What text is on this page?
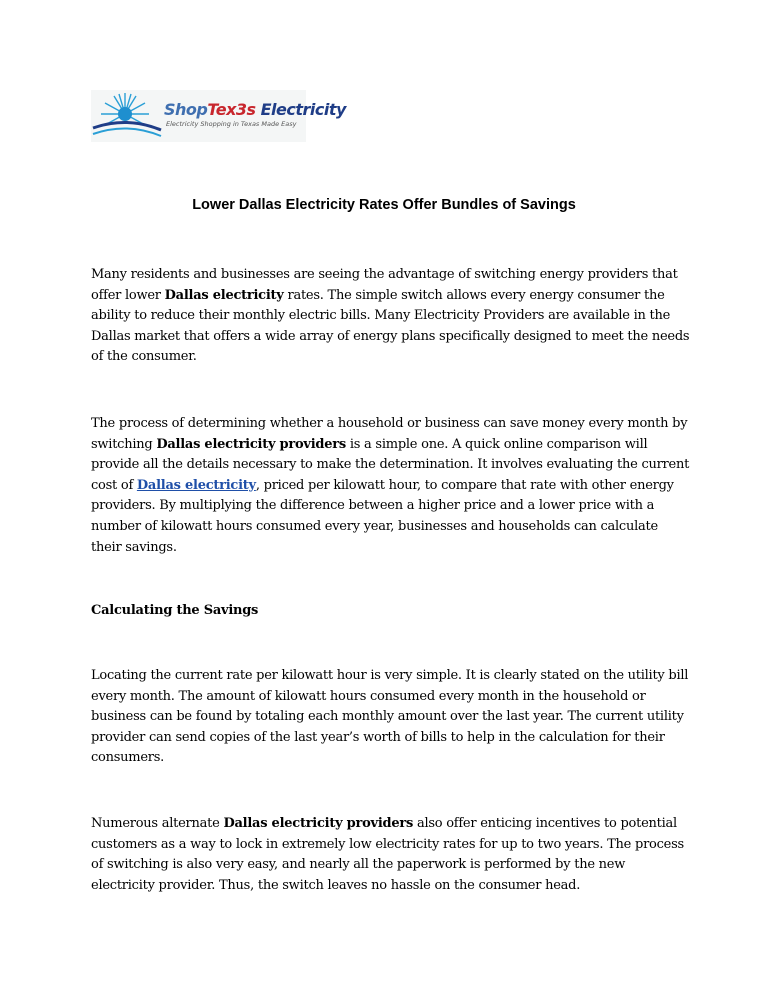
ShopTex3s Electricity
Electricity Shopping in Texas Made Easy
Lower Dallas Electricity Rates Offer Bundles of Savings

Many residents and businesses are seeing the advantage of switching energy providers that offer lower Dallas electricity rates. The simple switch allows every energy consumer the ability to reduce their monthly electric bills. Many Electricity Providers are available in the Dallas market that offers a wide array of energy plans specifically designed to meet the needs of the consumer.

The process of determining whether a household or business can save money every month by switching Dallas electricity providers is a simple one. A quick online comparison will provide all the details necessary to make the determination. It involves evaluating the current cost of Dallas electricity, priced per kilowatt hour, to compare that rate with other energy providers. By multiplying the difference between a higher price and a lower price with a number of kilowatt hours consumed every year, businesses and households can calculate their savings.

Calculating the Savings

Locating the current rate per kilowatt hour is very simple. It is clearly stated on the utility bill every month. The amount of kilowatt hours consumed every month in the household or business can be found by totaling each monthly amount over the last year. The current utility provider can send copies of the last year’s worth of bills to help in the calculation for their consumers.

Numerous alternate Dallas electricity providers also offer enticing incentives to potential customers as a way to lock in extremely low electricity rates for up to two years. The process of switching is also very easy, and nearly all the paperwork is performed by the new electricity provider. Thus, the switch leaves no hassle on the consumer head.
